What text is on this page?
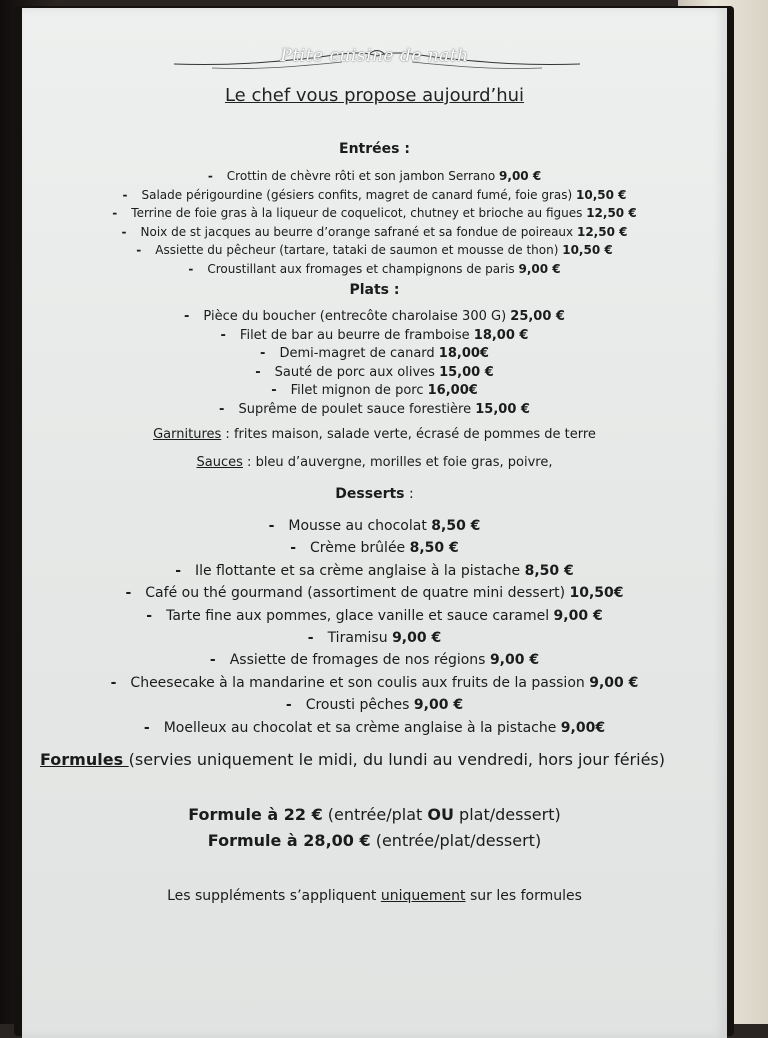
Ptite cuisine de nath
Le chef vous propose aujourd’hui
Entrées :
- Crottin de chèvre rôti et son jambon Serrano 9,00 €
- Salade périgourdine (gésiers confits, magret de canard fumé, foie gras) 10,50 €
- Terrine de foie gras à la liqueur de coquelicot, chutney et brioche au figues 12,50 €
- Noix de st jacques au beurre d’orange safrané et sa fondue de poireaux 12,50 €
- Assiette du pêcheur (tartare, tataki de saumon et mousse de thon) 10,50 €
- Croustillant aux fromages et champignons de paris 9,00 €
Plats :
- Pièce du boucher (entrecôte charolaise 300 G) 25,00 €
- Filet de bar au beurre de framboise 18,00 €
- Demi-magret de canard 18,00€
- Sauté de porc aux olives 15,00 €
- Filet mignon de porc 16,00€
- Suprême de poulet sauce forestière 15,00 €
Garnitures : frites maison, salade verte, écrasé de pommes de terre
Sauces : bleu d’auvergne, morilles et foie gras, poivre,
Desserts :
- Mousse au chocolat 8,50 €
- Crème brûlée 8,50 €
- Ile flottante et sa crème anglaise à la pistache 8,50 €
- Café ou thé gourmand (assortiment de quatre mini dessert) 10,50€
- Tarte fine aux pommes, glace vanille et sauce caramel 9,00 €
- Tiramisu 9,00 €
- Assiette de fromages de nos régions 9,00 €
- Cheesecake à la mandarine et son coulis aux fruits de la passion 9,00 €
- Crousti pêches 9,00 €
- Moelleux au chocolat et sa crème anglaise à la pistache 9,00€
Formules (servies uniquement le midi, du lundi au vendredi, hors jour fériés)
Formule à 22 € (entrée/plat OU plat/dessert)
Formule à 28,00 € (entrée/plat/dessert)
Les suppléments s’appliquent uniquement sur les formules
